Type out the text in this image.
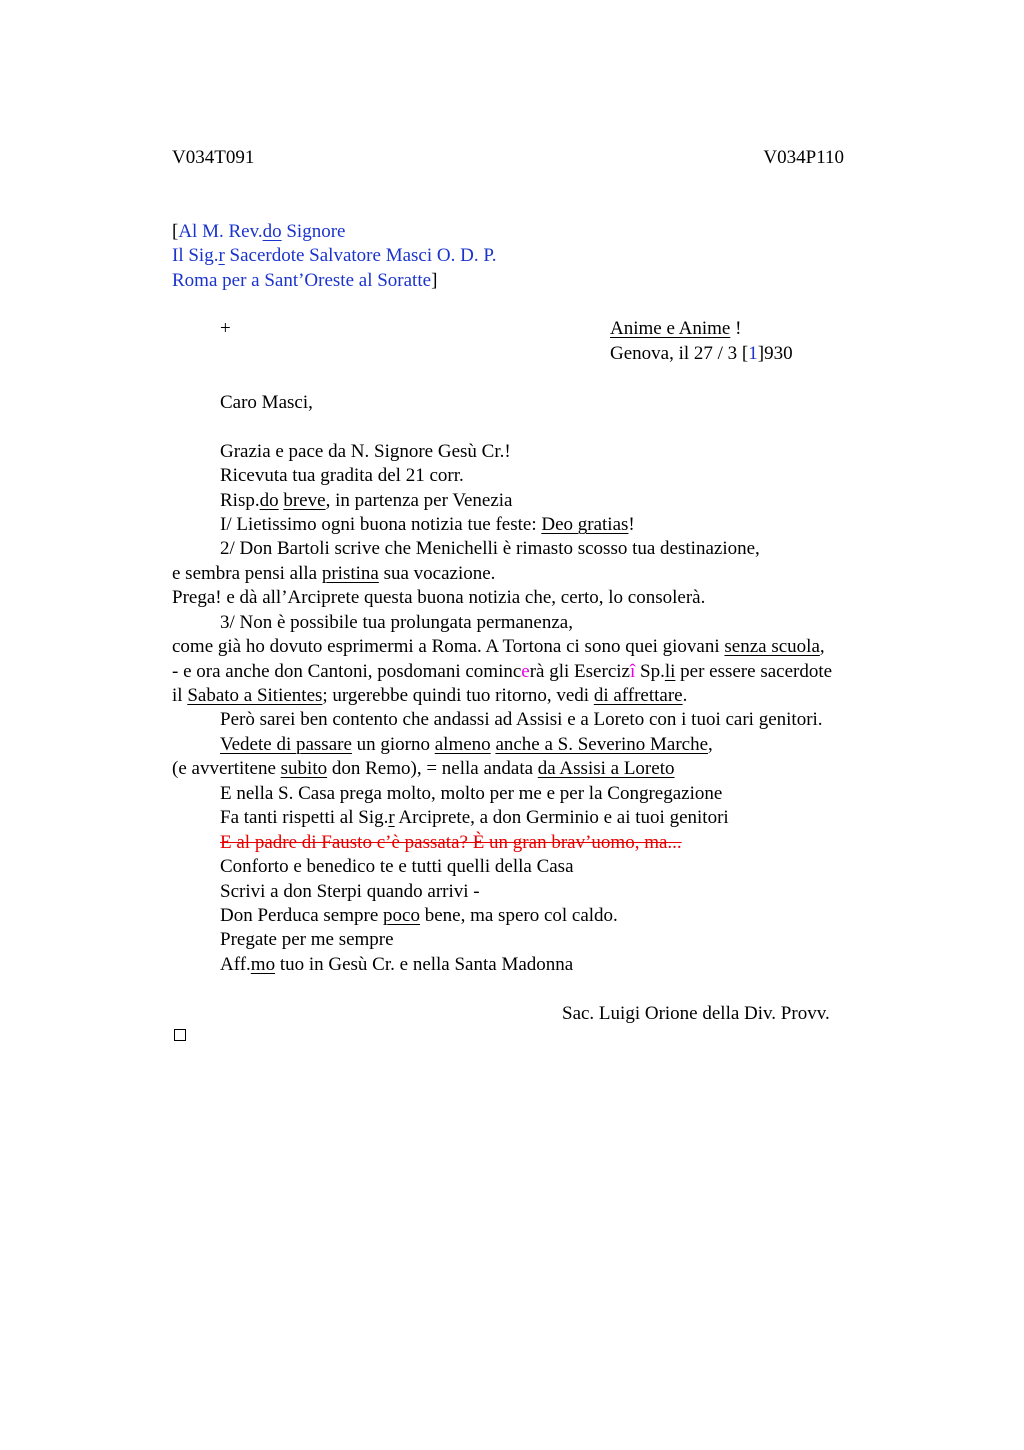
V034T091	V034P110
[Al M. Rev.do Signore
Il Sig.r Sacerdote Salvatore Masci O. D. P.
Roma per a Sant’Oreste al Soratte]
+	Anime e Anime !
Genova, il 27 / 3 [1]930
Caro Masci,
Grazia e pace da N. Signore Gesù Cr.!
Ricevuta tua gradita del 21 corr.
Risp.do breve, in partenza per Venezia
I/ Lietissimo ogni buona notizia tue feste: Deo gratias!
2/ Don Bartoli scrive che Menichelli è rimasto scosso tua destinazione,
e sembra pensi alla pristina sua vocazione.
Prega! e dà all’Arciprete questa buona notizia che, certo, lo consolerà.
3/ Non è possibile tua prolungata permanenza,
come già ho dovuto esprimermi a Roma. A Tortona ci sono quei giovani senza scuola,
- e ora anche don Cantoni, posdomani comincerà gli Esercizî Sp.li per essere sacerdote
il Sabato a Sitientes; urgerebbe quindi tuo ritorno, vedi di affrettare.
Però sarei ben contento che andassi ad Assisi e a Loreto con i tuoi cari genitori.
Vedete di passare un giorno almeno anche a S. Severino Marche,
(e avvertitene subito don Remo), = nella andata da Assisi a Loreto
E nella S. Casa prega molto, molto per me e per la Congregazione
Fa tanti rispetti al Sig.r Arciprete, a don Germinio e ai tuoi genitori
E al padre di Fausto c’è passata? È un gran brav’uomo, ma...
Conforto e benedico te e tutti quelli della Casa
Scrivi a don Sterpi quando arrivi -
Don Perduca sempre poco bene, ma spero col caldo.
Pregate per me sempre
Aff.mo tuo in Gesù Cr. e nella Santa Madonna
Sac. Luigi Orione della Div. Provv.
